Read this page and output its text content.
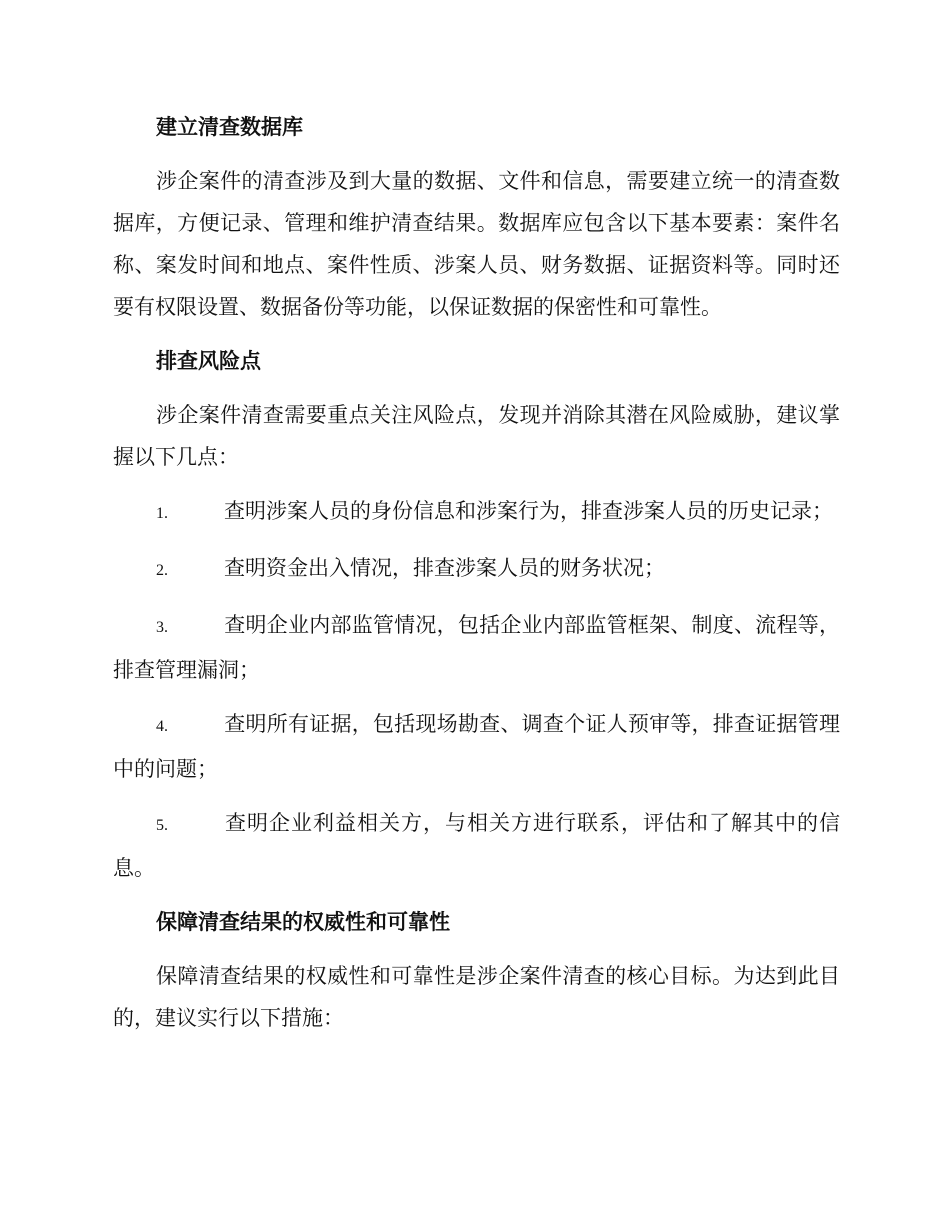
建立清查数据库

涉企案件的清查涉及到大量的数据、文件和信息，需要建立统一的清查数据库，方便记录、管理和维护清查结果。数据库应包含以下基本要素：案件名称、案发时间和地点、案件性质、涉案人员、财务数据、证据资料等。同时还要有权限设置、数据备份等功能，以保证数据的保密性和可靠性。

排查风险点

涉企案件清查需要重点关注风险点，发现并消除其潜在风险威胁，建议掌握以下几点：

1.	查明涉案人员的身份信息和涉案行为，排查涉案人员的历史记录；

2.	查明资金出入情况，排查涉案人员的财务状况；

3.	查明企业内部监管情况，包括企业内部监管框架、制度、流程等，排查管理漏洞；

4.	查明所有证据，包括现场勘查、调查个证人预审等，排查证据管理中的问题；

5.	查明企业利益相关方，与相关方进行联系，评估和了解其中的信息。

保障清查结果的权威性和可靠性

保障清查结果的权威性和可靠性是涉企案件清查的核心目标。为达到此目的，建议实行以下措施：
